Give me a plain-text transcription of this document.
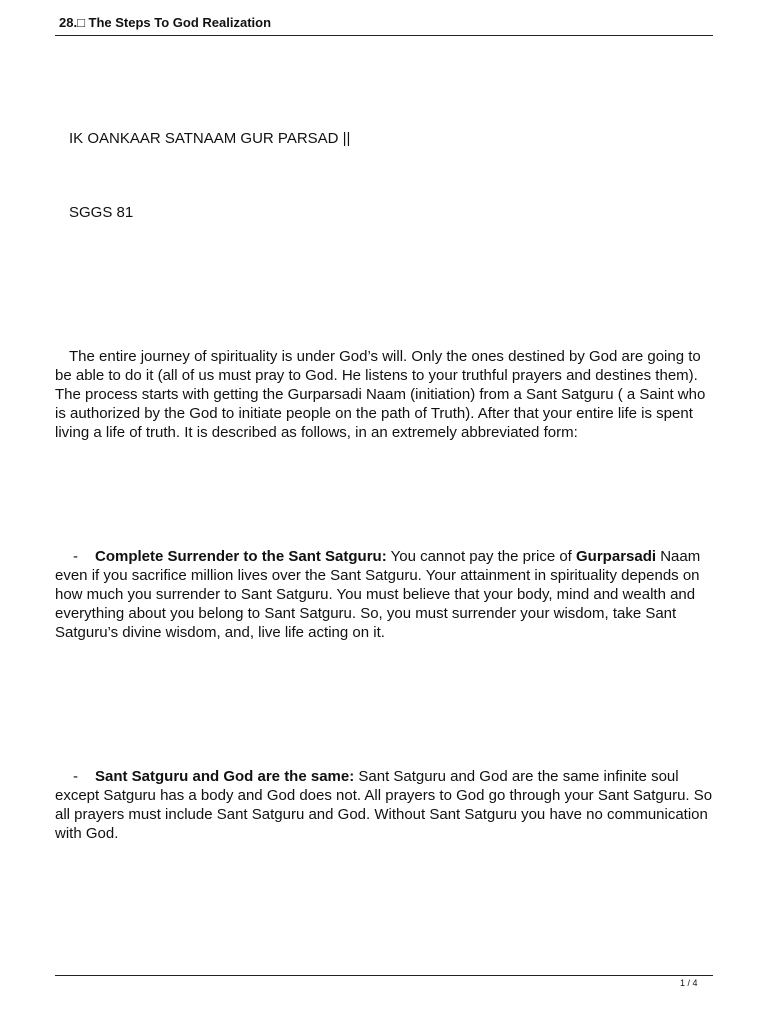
28.□ The Steps To God Realization
IK OANKAAR SATNAAM GUR PARSAD ||
SGGS 81
The entire journey of spirituality is under God’s will. Only the ones destined by God are going to be able to do it (all of us must pray to God. He listens to your truthful prayers and destines them). The process starts with getting the Gurparsadi Naam (initiation) from a Sant Satguru ( a Saint who is authorized by the God to initiate people on the path of Truth). After that your entire life is spent living a life of truth. It is described as follows, in an extremely abbreviated form:
- Complete Surrender to the Sant Satguru: You cannot pay the price of Gurparsadi Naam even if you sacrifice million lives over the Sant Satguru. Your attainment in spirituality depends on how much you surrender to Sant Satguru. You must believe that your body, mind and wealth and everything about you belong to Sant Satguru. So, you must surrender your wisdom, take Sant Satguru’s divine wisdom, and, live life acting on it.
- Sant Satguru and God are the same: Sant Satguru and God are the same infinite soul except Satguru has a body and God does not. All prayers to God go through your Sant Satguru. So all prayers must include Sant Satguru and God. Without Sant Satguru you have no communication with God.
1 / 4
